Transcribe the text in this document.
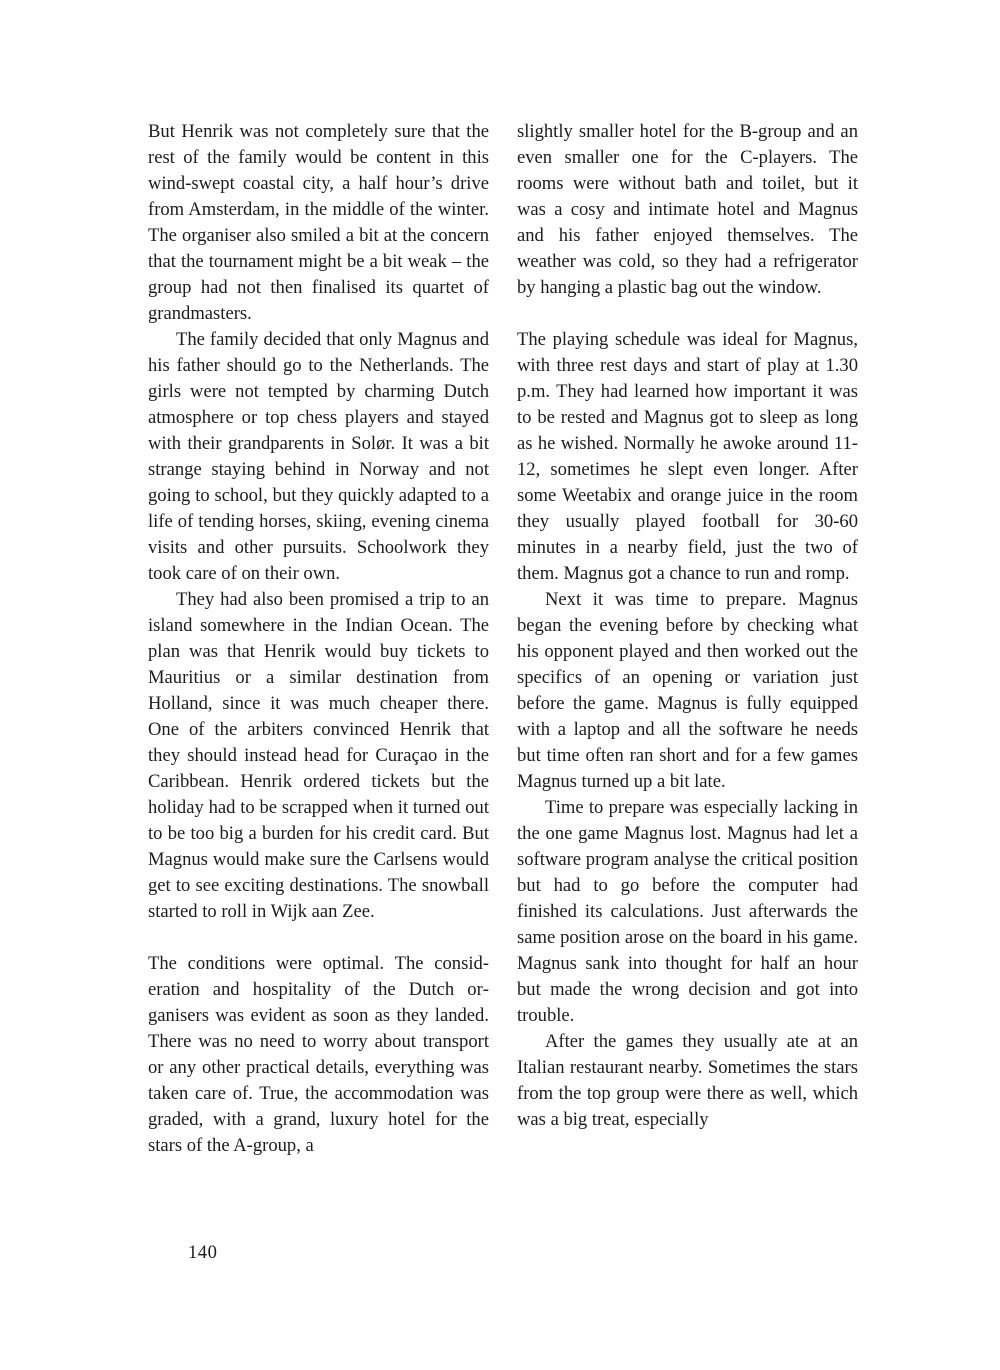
But Henrik was not completely sure that the rest of the family would be content in this wind-swept coastal city, a half hour’s drive from Amsterdam, in the middle of the winter. The organiser also smiled a bit at the concern that the tournament might be a bit weak – the group had not then finalised its quartet of grandmasters.

The family decided that only Magnus and his father should go to the Netherlands. The girls were not tempted by charming Dutch atmosphere or top chess players and stayed with their grandparents in Solør. It was a bit strange staying behind in Norway and not going to school, but they quickly adapted to a life of tending horses, skiing, evening cinema visits and other pursuits. Schoolwork they took care of on their own.

They had also been promised a trip to an island somewhere in the Indian Ocean. The plan was that Henrik would buy tickets to Mauritius or a similar destination from Holland, since it was much cheaper there. One of the arbiters convinced Henrik that they should instead head for Curaçao in the Caribbean. Henrik ordered tickets but the holiday had to be scrapped when it turned out to be too big a burden for his credit card. But Magnus would make sure the Carlsens would get to see exciting destinations. The snowball started to roll in Wijk aan Zee.

The conditions were optimal. The consideration and hospitality of the Dutch organisers was evident as soon as they landed. There was no need to worry about transport or any other practical details, everything was taken care of. True, the accommodation was graded, with a grand, luxury hotel for the stars of the A-group, a

slightly smaller hotel for the B-group and an even smaller one for the C-players. The rooms were without bath and toilet, but it was a cosy and intimate hotel and Magnus and his father enjoyed themselves. The weather was cold, so they had a refrigerator by hanging a plastic bag out the window.

The playing schedule was ideal for Magnus, with three rest days and start of play at 1.30 p.m. They had learned how important it was to be rested and Magnus got to sleep as long as he wished. Normally he awoke around 11-12, sometimes he slept even longer. After some Weetabix and orange juice in the room they usually played football for 30-60 minutes in a nearby field, just the two of them. Magnus got a chance to run and romp.

Next it was time to prepare. Magnus began the evening before by checking what his opponent played and then worked out the specifics of an opening or variation just before the game. Magnus is fully equipped with a laptop and all the software he needs but time often ran short and for a few games Magnus turned up a bit late.

Time to prepare was especially lacking in the one game Magnus lost. Magnus had let a software program analyse the critical position but had to go before the computer had finished its calculations. Just afterwards the same position arose on the board in his game. Magnus sank into thought for half an hour but made the wrong decision and got into trouble.

After the games they usually ate at an Italian restaurant nearby. Sometimes the stars from the top group were there as well, which was a big treat, especially

140
